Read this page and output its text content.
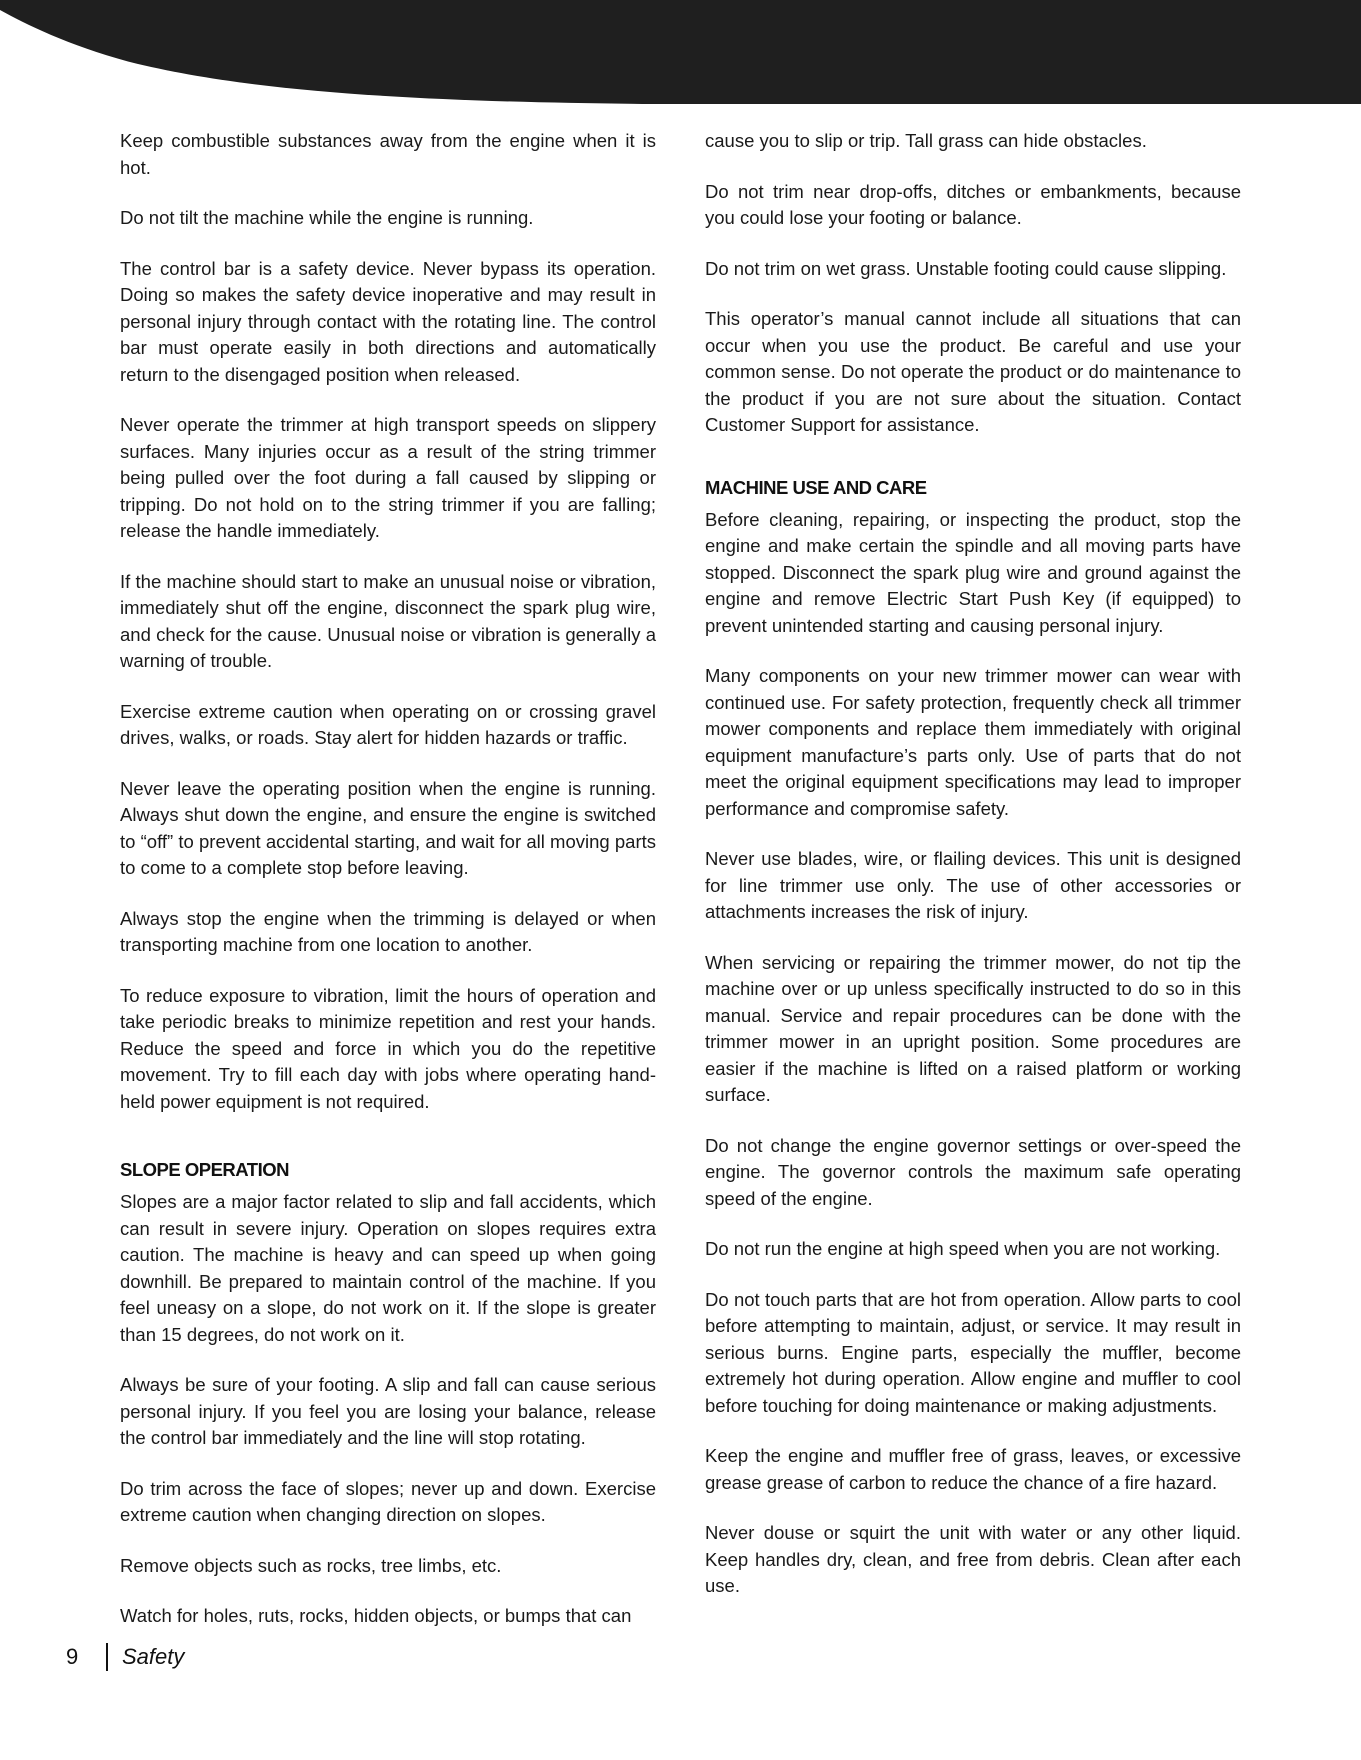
Keep combustible substances away from the engine when it is hot.

Do not tilt the machine while the engine is running.

The control bar is a safety device. Never bypass its operation. Doing so makes the safety device inoperative and may result in personal injury through contact with the rotating line. The control bar must operate easily in both directions and automatically return to the disengaged position when released.

Never operate the trimmer at high transport speeds on slippery surfaces. Many injuries occur as a result of the string trimmer being pulled over the foot during a fall caused by slipping or tripping. Do not hold on to the string trimmer if you are falling; release the handle immediately.

If the machine should start to make an unusual noise or vibration, immediately shut off the engine, disconnect the spark plug wire, and check for the cause. Unusual noise or vibration is generally a warning of trouble.

Exercise extreme caution when operating on or crossing gravel drives, walks, or roads. Stay alert for hidden hazards or traffic.

Never leave the operating position when the engine is running. Always shut down the engine, and ensure the engine is switched to “off” to prevent accidental starting, and wait for all moving parts to come to a complete stop before leaving.

Always stop the engine when the trimming is delayed or when transporting machine from one location to another.

To reduce exposure to vibration, limit the hours of operation and take periodic breaks to minimize repetition and rest your hands. Reduce the speed and force in which you do the repetitive movement. Try to fill each day with jobs where operating hand-held power equipment is not required.

SLOPE OPERATION

Slopes are a major factor related to slip and fall accidents, which can result in severe injury. Operation on slopes requires extra caution. The machine is heavy and can speed up when going downhill. Be prepared to maintain control of the machine. If you feel uneasy on a slope, do not work on it. If the slope is greater than 15 degrees, do not work on it.

Always be sure of your footing. A slip and fall can cause serious personal injury. If you feel you are losing your balance, release the control bar immediately and the line will stop rotating.

Do trim across the face of slopes; never up and down. Exercise extreme caution when changing direction on slopes.

Remove objects such as rocks, tree limbs, etc.

Watch for holes, ruts, rocks, hidden objects, or bumps that can

cause you to slip or trip. Tall grass can hide obstacles.

Do not trim near drop-offs, ditches or embankments, because you could lose your footing or balance.

Do not trim on wet grass. Unstable footing could cause slipping.

This operator’s manual cannot include all situations that can occur when you use the product. Be careful and use your common sense. Do not operate the product or do maintenance to the product if you are not sure about the situation. Contact Customer Support for assistance.

MACHINE USE AND CARE

Before cleaning, repairing, or inspecting the product, stop the engine and make certain the spindle and all moving parts have stopped. Disconnect the spark plug wire and ground against the engine and remove Electric Start Push Key (if equipped) to prevent unintended starting and causing personal injury.

Many components on your new trimmer mower can wear with continued use. For safety protection, frequently check all trimmer mower components and replace them immediately with original equipment manufacture’s parts only. Use of parts that do not meet the original equipment specifications may lead to improper performance and compromise safety.

Never use blades, wire, or flailing devices. This unit is designed for line trimmer use only. The use of other accessories or attachments increases the risk of injury.

When servicing or repairing the trimmer mower, do not tip the machine over or up unless specifically instructed to do so in this manual. Service and repair procedures can be done with the trimmer mower in an upright position. Some procedures are easier if the machine is lifted on a raised platform or working surface.

Do not change the engine governor settings or over-speed the engine. The governor controls the maximum safe operating speed of the engine.

Do not run the engine at high speed when you are not working.

Do not touch parts that are hot from operation. Allow parts to cool before attempting to maintain, adjust, or service. It may result in serious burns. Engine parts, especially the muffler, become extremely hot during operation. Allow engine and muffler to cool before touching for doing maintenance or making adjustments.

Keep the engine and muffler free of grass, leaves, or excessive grease grease of carbon to reduce the chance of a fire hazard.

Never douse or squirt the unit with water or any other liquid. Keep handles dry, clean, and free from debris. Clean after each use.

9	Safety
